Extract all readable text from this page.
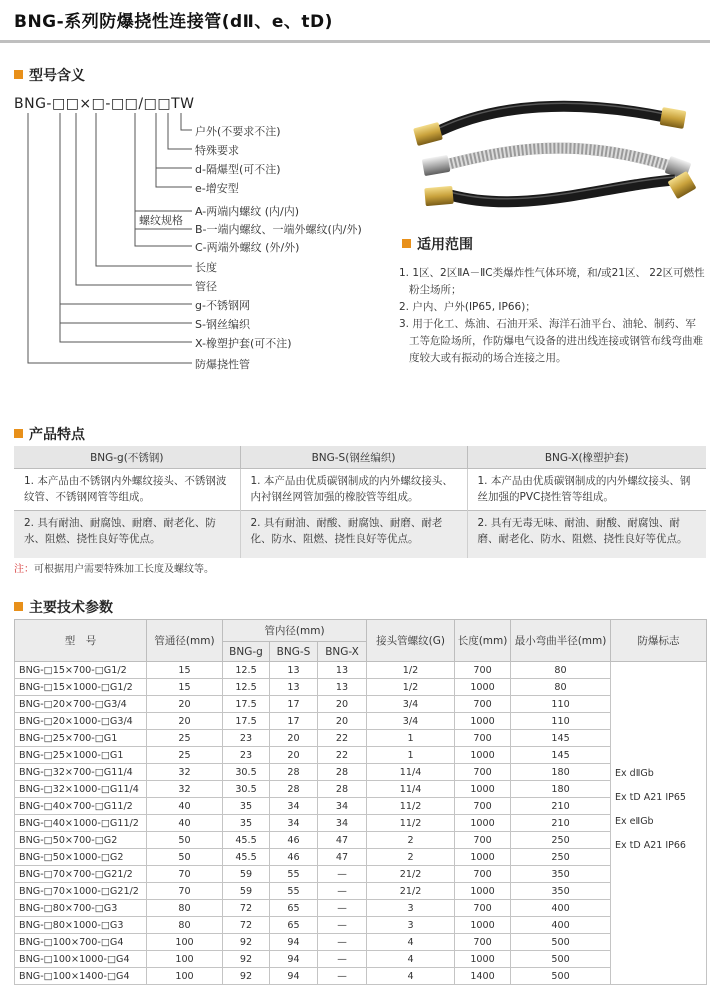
BNG-系列防爆挠性连接管(dⅡ、e、tD)
型号含义
BNG-□□×□-□□/□□TW
户外(不要求不注)
特殊要求
d-隔爆型(可不注)
e-增安型
螺纹规格
A-两端内螺纹 (内/内)
B-一端内螺纹、一端外螺纹(内/外)
C-两端外螺纹 (外/外)
长度
管径
g-不锈钢网
S-钢丝编织
X-橡塑护套(可不注)
防爆挠性管
适用范围

1. 1区、2区ⅡA－ⅡC类爆炸性气体环境，和/或21区、 22区可燃性粉尘场所；

2. 户内、户外(IP65, IP66)；

3. 用于化工、炼油、石油开采、海洋石油平台、油轮、制药、军工等危险场所，作防爆电气设备的进出线连接或钢管布线弯曲难度较大或有振动的场合连接之用。

产品特点
BNG-g(不锈钢)	BNG-S(钢丝编织)	BNG-X(橡塑护套)
1. 本产品由不锈钢内外螺纹接头、不锈钢波纹管、不锈钢网管等组成。	1. 本产品由优质碳钢制成的内外螺纹接头、内衬钢丝网管加强的橡胶管等组成。	1. 本产品由优质碳钢制成的内外螺纹接头、钢丝加强的PVC挠性管等组成。
2. 具有耐油、耐腐蚀、耐磨、耐老化、防水、阻燃、挠性良好等优点。	2. 具有耐油、耐酸、耐腐蚀、耐磨、耐老化、防水、阻燃、挠性良好等优点。	2. 具有无毒无味、耐油、耐酸、耐腐蚀、耐磨、耐老化、防水、阻燃、挠性良好等优点。
注：可根据用户需要特殊加工长度及螺纹等。
主要技术参数
型　号	管通径(mm)	管内径(mm)			接头管螺纹(G)	长度(mm)	最小弯曲半径(mm)	防爆标志
		BNG-g	BNG-S	BNG-X				
BNG-□15×700-□G1/2	15	12.5	13	13	1/2	700	80	Ex dⅡGb
Ex tD A21 IP65
Ex eⅡGb
Ex tD A21 IP66

BNG-□15×1000-□G1/2	15	12.5	13	13	1/2	1000	80	
BNG-□20×700-□G3/4	20	17.5	17	20	3/4	700	110	
BNG-□20×1000-□G3/4	20	17.5	17	20	3/4	1000	110	
BNG-□25×700-□G1	25	23	20	22	1	700	145	
BNG-□25×1000-□G1	25	23	20	22	1	1000	145	
BNG-□32×700-□G11/4	32	30.5	28	28	11/4	700	180	
BNG-□32×1000-□G11/4	32	30.5	28	28	11/4	1000	180	
BNG-□40×700-□G11/2	40	35	34	34	11/2	700	210	
BNG-□40×1000-□G11/2	40	35	34	34	11/2	1000	210	
BNG-□50×700-□G2	50	45.5	46	47	2	700	250	
BNG-□50×1000-□G2	50	45.5	46	47	2	1000	250	
BNG-□70×700-□G21/2	70	59	55	—	21/2	700	350	
BNG-□70×1000-□G21/2	70	59	55	—	21/2	1000	350	
BNG-□80×700-□G3	80	72	65	—	3	700	400	
BNG-□80×1000-□G3	80	72	65	—	3	1000	400	
BNG-□100×700-□G4	100	92	94	—	4	700	500	
BNG-□100×1000-□G4	100	92	94	—	4	1000	500	
BNG-□100×1400-□G4	100	92	94	—	4	1400	500	
